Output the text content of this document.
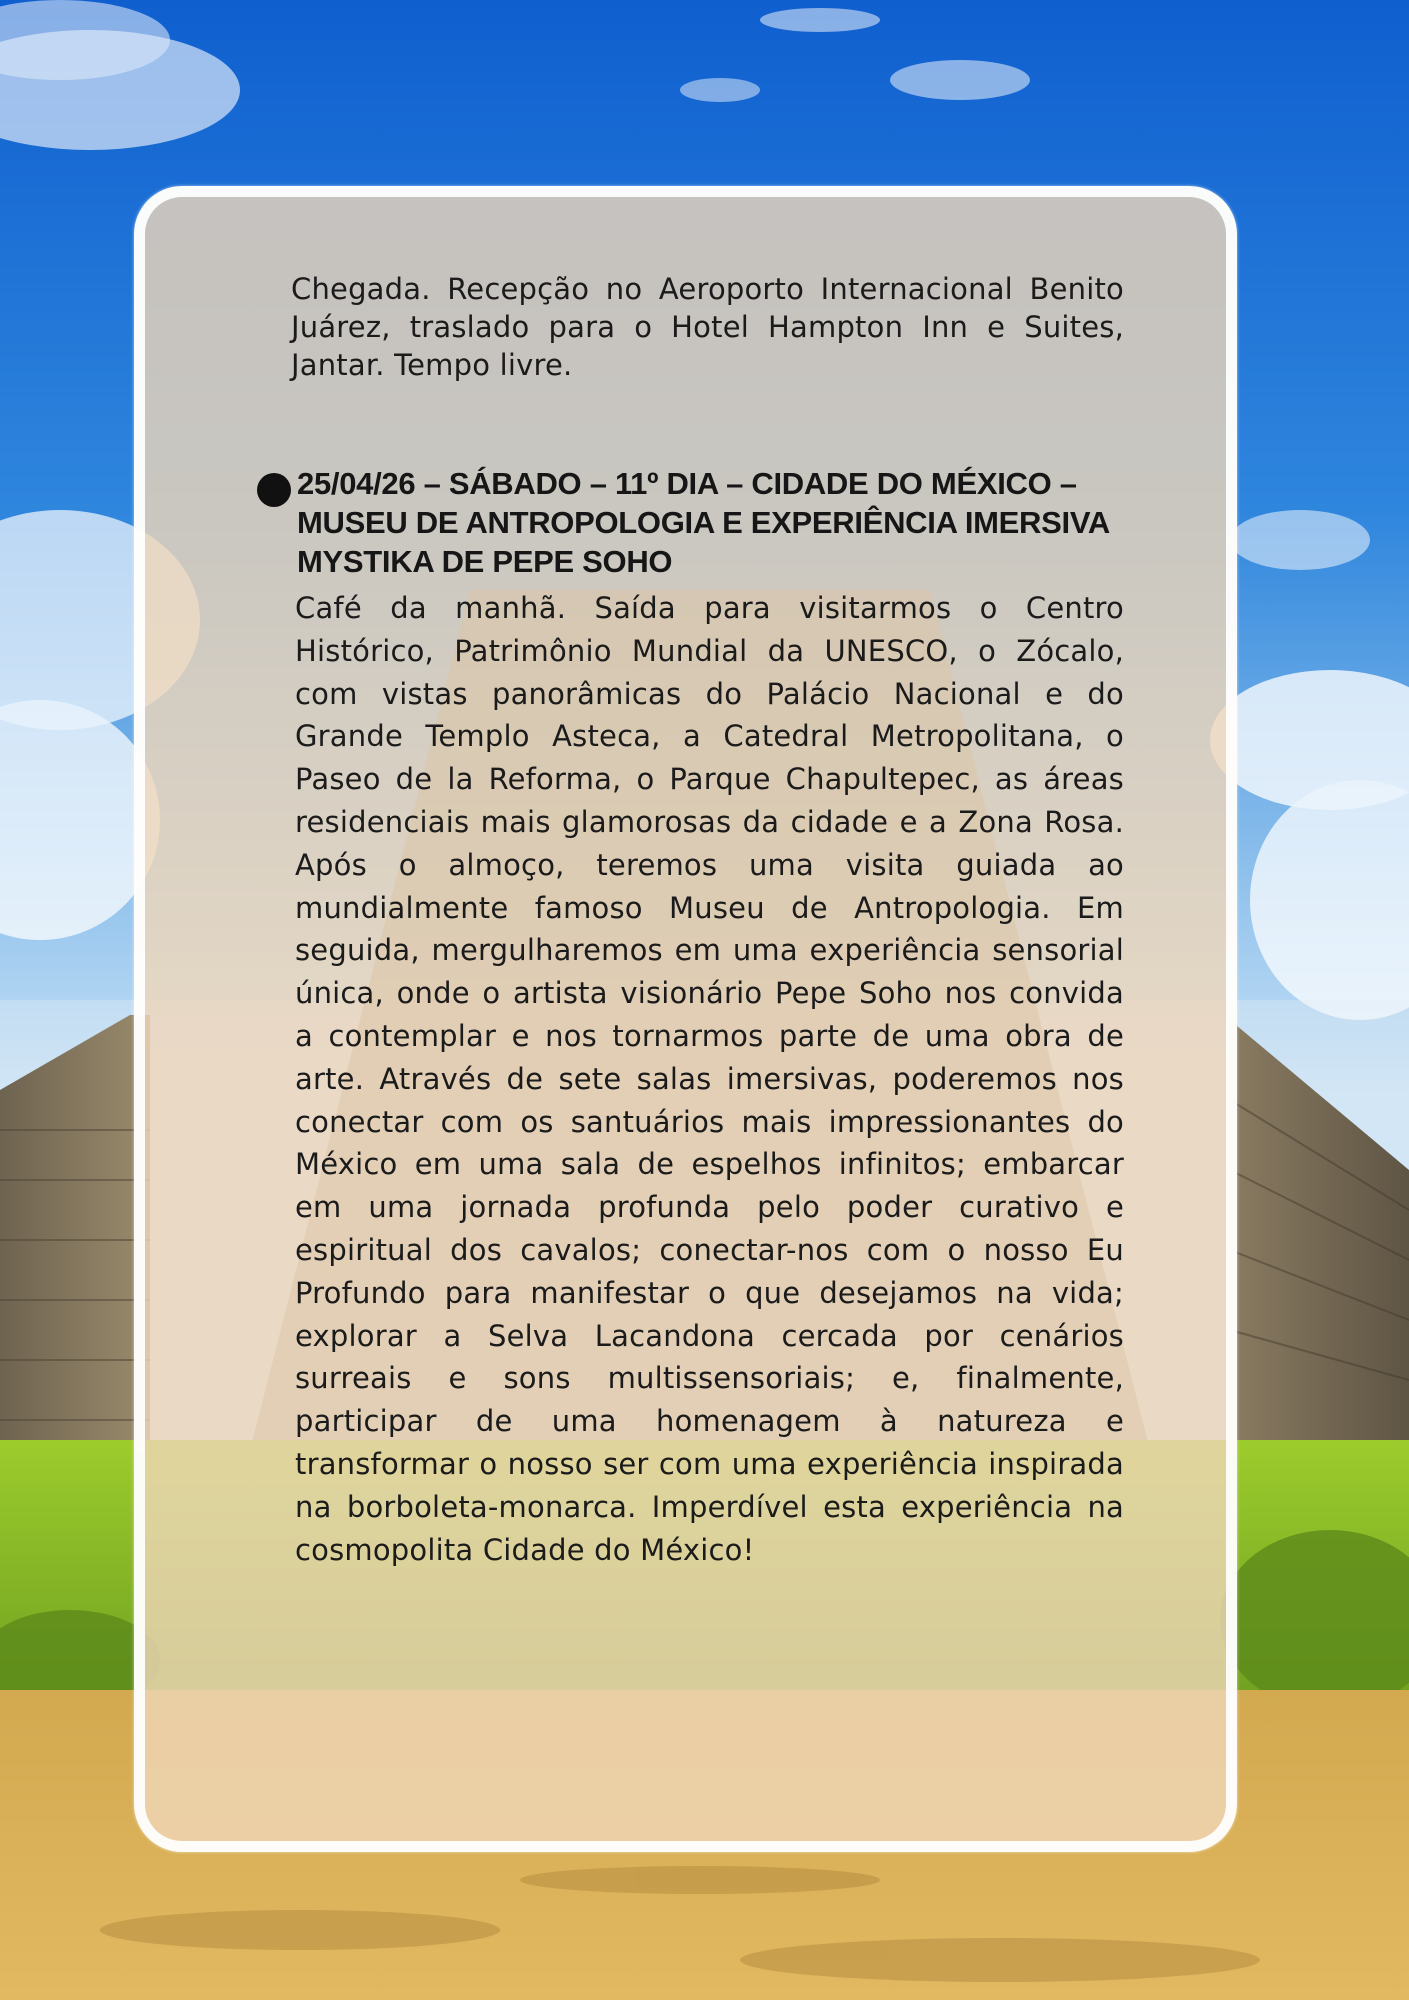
Chegada. Recepção no Aeroporto Internacional Benito Juárez, traslado para o Hotel Hampton Inn e Suites, Jantar. Tempo livre.

25/04/26 – SÁBADO – 11º DIA – CIDADE DO MÉXICO – MUSEU DE ANTROPOLOGIA E EXPERIÊNCIA IMERSIVA MYSTIKA DE PEPE SOHO

Café da manhã. Saída para visitarmos o Centro Histórico, Patrimônio Mundial da UNESCO, o Zócalo, com vistas panorâmicas do Palácio Nacional e do Grande Templo Asteca, a Catedral Metropolitana, o Paseo de la Reforma, o Parque Chapultepec, as áreas residenciais mais glamorosas da cidade e a Zona Rosa. Após o almoço, teremos uma visita guiada ao mundialmente famoso Museu de Antropologia. Em seguida, mergulharemos em uma experiência sensorial única, onde o artista visionário Pepe Soho nos convida a contemplar e nos tornarmos parte de uma obra de arte. Através de sete salas imersivas, poderemos nos conectar com os santuários mais impressionantes do México em uma sala de espelhos infinitos; embarcar em uma jornada profunda pelo poder curativo e espiritual dos cavalos; conectar-nos com o nosso Eu Profundo para manifestar o que desejamos na vida; explorar a Selva Lacandona cercada por cenários surreais e sons multissensoriais; e, finalmente, participar de uma homenagem à natureza e transformar o nosso ser com uma experiência inspirada na borboleta-monarca. Imperdível esta experiência na cosmopolita Cidade do México!
